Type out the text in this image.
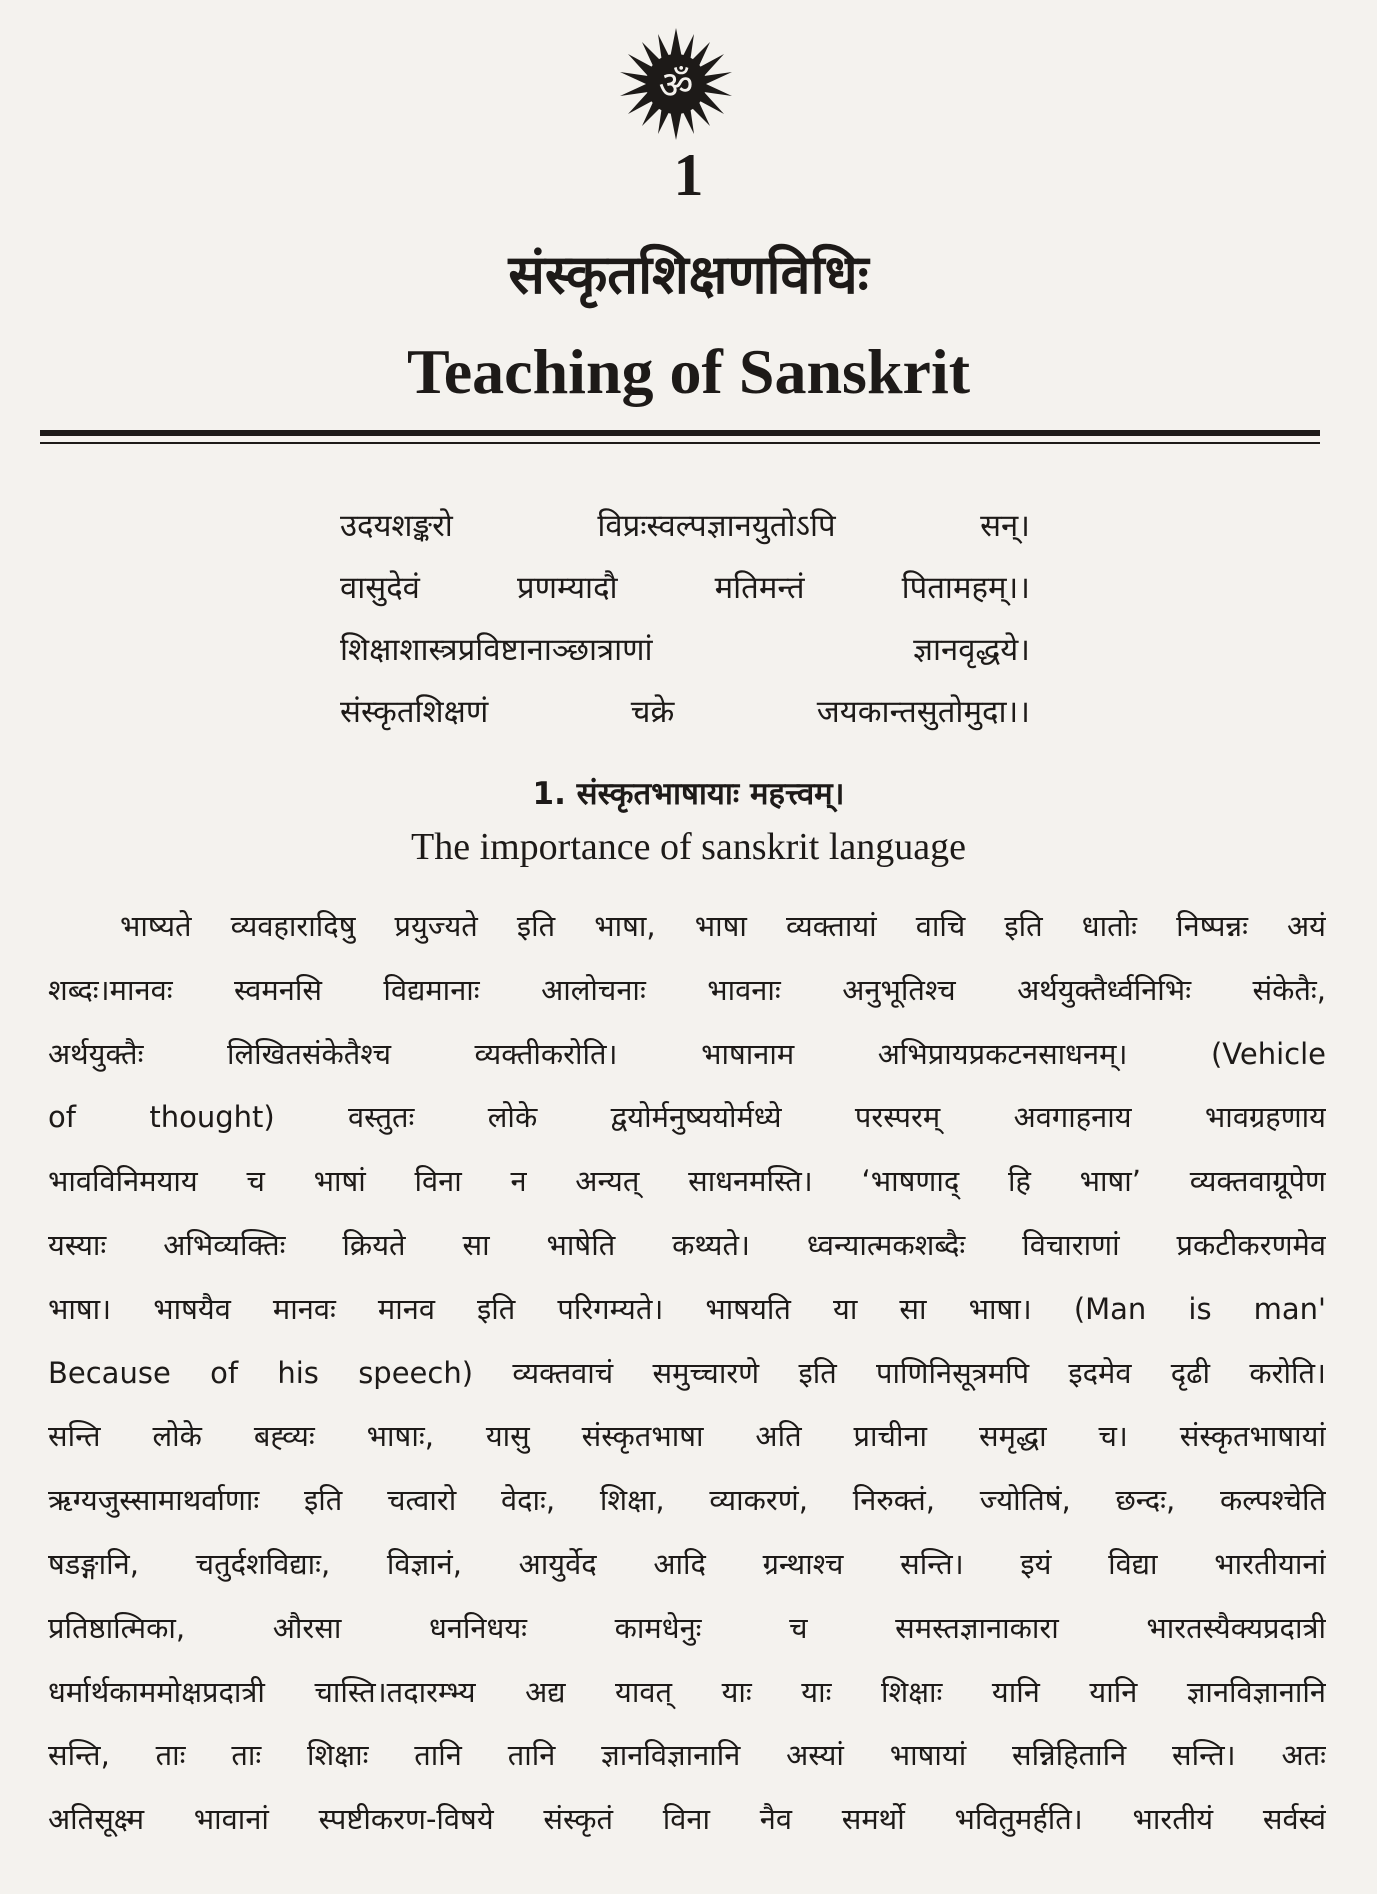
ॐ
1
संस्कृतशिक्षणविधिः
Teaching of Sanskrit
उदयशङ्करो विप्रःस्वल्पज्ञानयुतोऽपि सन्।
वासुदेवं प्रणम्यादौ मतिमन्तं पितामहम्।।
शिक्षाशास्त्रप्रविष्टानाञ्छात्राणां ज्ञानवृद्धये।
संस्कृतशिक्षणं चक्रे जयकान्तसुतोमुदा।।
1. संस्कृतभाषायाः महत्त्वम्।
The importance of sanskrit language
भाष्यते व्यवहारादिषु प्रयुज्यते इति भाषा, भाषा व्यक्तायां वाचि इति धातोः निष्पन्नः अयं
शब्दः।मानवः स्वमनसि विद्यमानाः आलोचनाः भावनाः अनुभूतिश्च अर्थयुक्तैर्ध्वनिभिः संकेतैः,
अर्थयुक्तैः लिखितसंकेतैश्च व्यक्तीकरोति। भाषानाम अभिप्रायप्रकटनसाधनम्। (Vehicle
of thought) वस्तुतः लोके द्वयोर्मनुष्ययोर्मध्ये परस्परम् अवगाहनाय भावग्रहणाय
भावविनिमयाय च भाषां विना न अन्यत् साधनमस्ति। ‘भाषणाद् हि भाषा’ व्यक्तवाग्रूपेण
यस्याः अभिव्यक्तिः क्रियते सा भाषेति कथ्यते। ध्वन्यात्मकशब्दैः विचाराणां प्रकटीकरणमेव
भाषा। भाषयैव मानवः मानव इति परिगम्यते। भाषयति या सा भाषा। (Man is man'
Because of his speech) व्यक्तवाचं समुच्चारणे इति पाणिनिसूत्रमपि इदमेव दृढी करोति।
सन्ति लोके बह्व्यः भाषाः, यासु संस्कृतभाषा अति प्राचीना समृद्धा च। संस्कृतभाषायां
ऋग्यजुस्सामाथर्वाणाः इति चत्वारो वेदाः, शिक्षा, व्याकरणं, निरुक्तं, ज्योतिषं, छन्दः, कल्पश्चेति
षडङ्गानि, चतुर्दशविद्याः, विज्ञानं, आयुर्वेद आदि ग्रन्थाश्च सन्ति। इयं विद्या भारतीयानां
प्रतिष्ठात्मिका, औरसा धननिधयः कामधेनुः च समस्तज्ञानाकारा भारतस्यैक्यप्रदात्री
धर्मार्थकाममोक्षप्रदात्री चास्ति।तदारम्भ्य अद्य यावत् याः याः शिक्षाः यानि यानि ज्ञानविज्ञानानि
सन्ति, ताः ताः शिक्षाः तानि तानि ज्ञानविज्ञानानि अस्यां भाषायां सन्निहितानि सन्ति। अतः
अतिसूक्ष्म भावानां स्पष्टीकरण-विषये संस्कृतं विना नैव समर्थो भवितुमर्हति। भारतीयं सर्वस्वं
